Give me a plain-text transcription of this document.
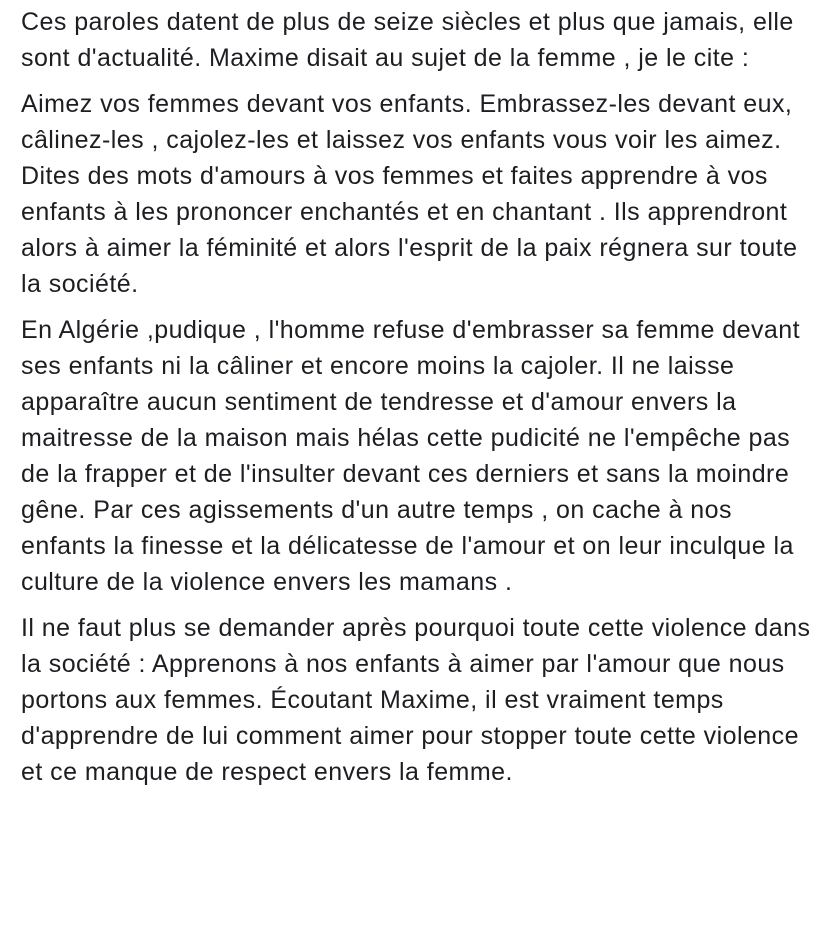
Ces paroles datent de plus de seize siècles et plus que jamais, elle sont d'actualité. Maxime disait au sujet de la femme , je le cite :

Aimez vos femmes devant vos enfants. Embrassez-les devant eux, câlinez-les , cajolez-les et laissez vos enfants vous voir les aimez. Dites des mots d'amours à vos femmes et faites apprendre à vos enfants à les prononcer enchantés et en chantant . Ils apprendront alors à aimer la féminité et alors l'esprit de la paix régnera sur toute la société.

En Algérie ,pudique , l'homme refuse d'embrasser sa femme devant ses enfants ni la câliner et encore moins la cajoler. Il ne laisse apparaître aucun sentiment de tendresse et d'amour envers la maitresse de la maison mais hélas cette pudicité ne l'empêche pas de la frapper et de l'insulter devant ces derniers et sans la moindre gêne. Par ces agissements d'un autre temps , on cache à nos enfants la finesse et la délicatesse de l'amour et on leur inculque la culture de la violence envers les mamans .

Il ne faut plus se demander après pourquoi toute cette violence dans la société : Apprenons à nos enfants à aimer par l'amour que nous portons aux femmes. Écoutant Maxime, il est vraiment temps d'apprendre de lui comment aimer pour stopper toute cette violence et ce manque de respect envers la femme.
